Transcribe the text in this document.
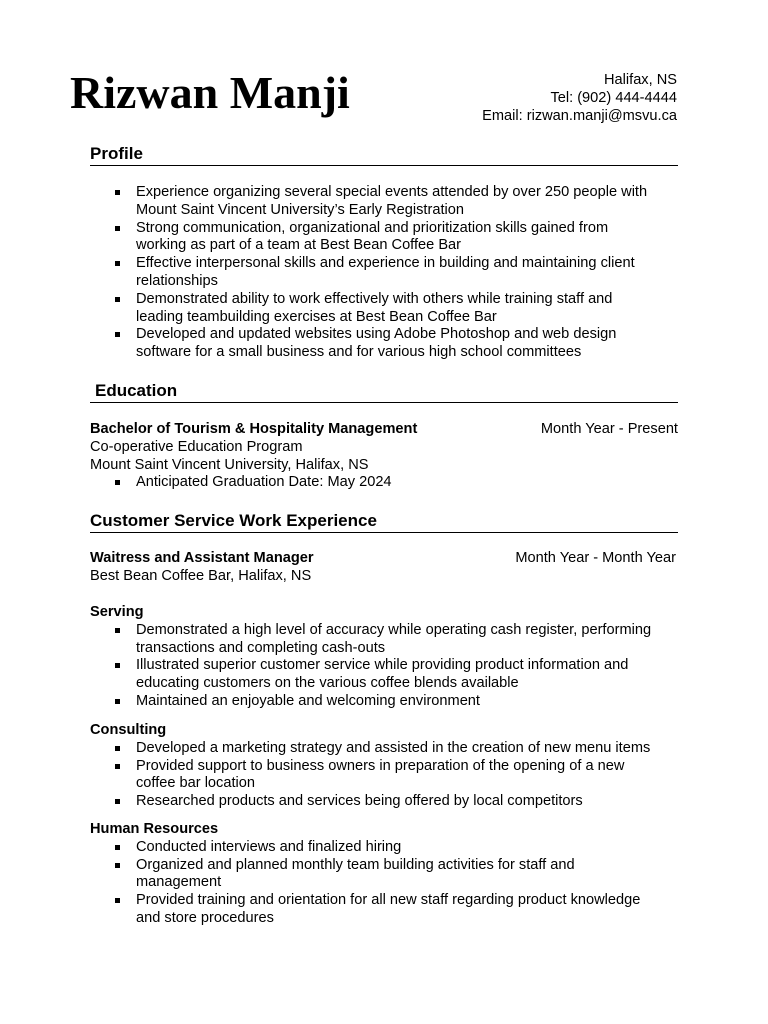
Rizwan Manji	Halifax, NS
Tel: (902) 444-4444
Email: rizwan.manji@msvu.ca
Profile
Experience organizing several special events attended by over 250 people with
Mount Saint Vincent University’s Early Registration
Strong communication, organizational and prioritization skills gained from
working as part of a team at Best Bean Coffee Bar
Effective interpersonal skills and experience in building and maintaining client
relationships
Demonstrated ability to work effectively with others while training staff and
leading teambuilding exercises at Best Bean Coffee Bar
Developed and updated websites using Adobe Photoshop and web design
software for a small business and for various high school committees
Education
Bachelor of Tourism & Hospitality Management	Month Year - Present
Co-operative Education Program
Mount Saint Vincent University, Halifax, NS
Anticipated Graduation Date: May 2024
Customer Service Work Experience
Waitress and Assistant Manager	Month Year - Month Year
Best Bean Coffee Bar, Halifax, NS
Serving
Demonstrated a high level of accuracy while operating cash register, performing
transactions and completing cash-outs
Illustrated superior customer service while providing product information and
educating customers on the various coffee blends available
Maintained an enjoyable and welcoming environment
Consulting
Developed a marketing strategy and assisted in the creation of new menu items
Provided support to business owners in preparation of the opening of a new
coffee bar location
Researched products and services being offered by local competitors
Human Resources
Conducted interviews and finalized hiring
Organized and planned monthly team building activities for staff and
management
Provided training and orientation for all new staff regarding product knowledge
and store procedures
